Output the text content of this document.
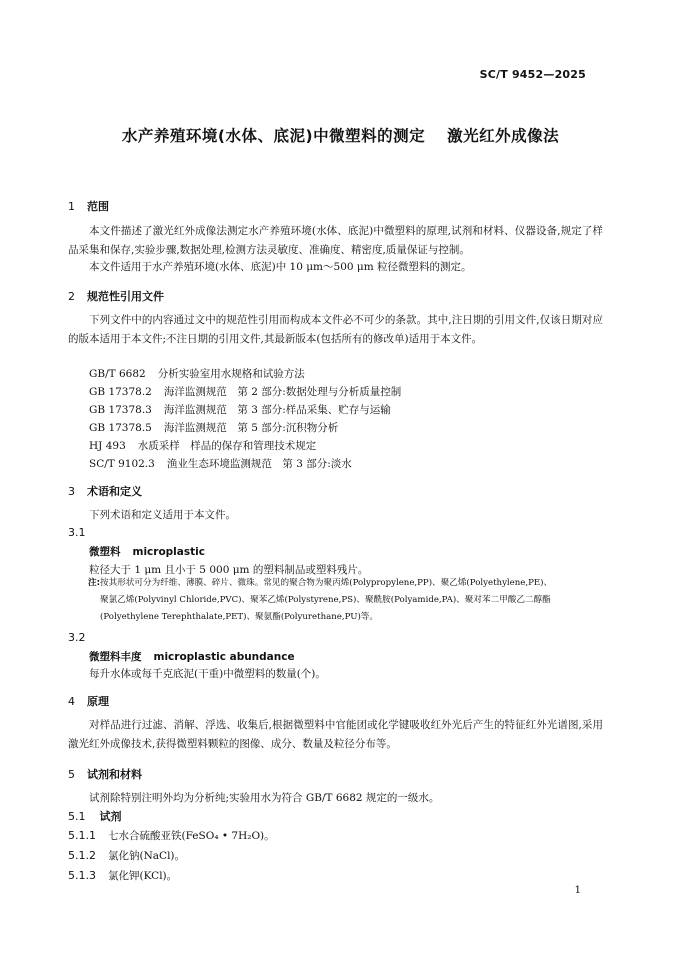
SC/T 9452—2025
水产养殖环境(水体、底泥)中微塑料的测定 激光红外成像法
1 范围
本文件描述了激光红外成像法测定水产养殖环境(水体、底泥)中微塑料的原理,试剂和材料、仪器设备,规定了样品采集和保存,实验步骤,数据处理,检测方法灵敏度、准确度、精密度,质量保证与控制。
本文件适用于水产养殖环境(水体、底泥)中 10 μm～500 μm 粒径微塑料的测定。
2 规范性引用文件
下列文件中的内容通过文中的规范性引用而构成本文件必不可少的条款。其中,注日期的引用文件,仅该日期对应的版本适用于本文件;不注日期的引用文件,其最新版本(包括所有的修改单)适用于本文件。
GB/T 6682 分析实验室用水规格和试验方法
GB 17378.2 海洋监测规范　第 2 部分:数据处理与分析质量控制
GB 17378.3 海洋监测规范　第 3 部分:样品采集、贮存与运输
GB 17378.5 海洋监测规范　第 5 部分:沉积物分析
HJ 493 水质采样　样品的保存和管理技术规定
SC/T 9102.3 渔业生态环境监测规范　第 3 部分:淡水
3 术语和定义
下列术语和定义适用于本文件。
3.1
微塑料 microplastic
粒径大于 1 μm 且小于 5 000 μm 的塑料制品或塑料残片。
注:按其形状可分为纤维、薄膜、碎片、微珠。常见的聚合物为聚丙烯(Polypropylene,PP)、聚乙烯(Polyethylene,PE)、
聚氯乙烯(Polyvinyl Chloride,PVC)、聚苯乙烯(Polystyrene,PS)、聚酰胺(Polyamide,PA)、聚对苯二甲酸乙二醇酯
(Polyethylene Terephthalate,PET)、聚氨酯(Polyurethane,PU)等。
3.2
微塑料丰度 microplastic abundance
每升水体或每千克底泥(干重)中微塑料的数量(个)。
4 原理
对样品进行过滤、消解、浮选、收集后,根据微塑料中官能团或化学键吸收红外光后产生的特征红外光谱图,采用激光红外成像技术,获得微塑料颗粒的图像、成分、数量及粒径分布等。
5 试剂和材料
试剂除特别注明外均为分析纯;实验用水为符合 GB/T 6682 规定的一级水。
5.1 试剂
5.1.1 七水合硫酸亚铁(FeSO₄ • 7H₂O)。
5.1.2 氯化钠(NaCl)。
5.1.3 氯化钾(KCl)。
1
